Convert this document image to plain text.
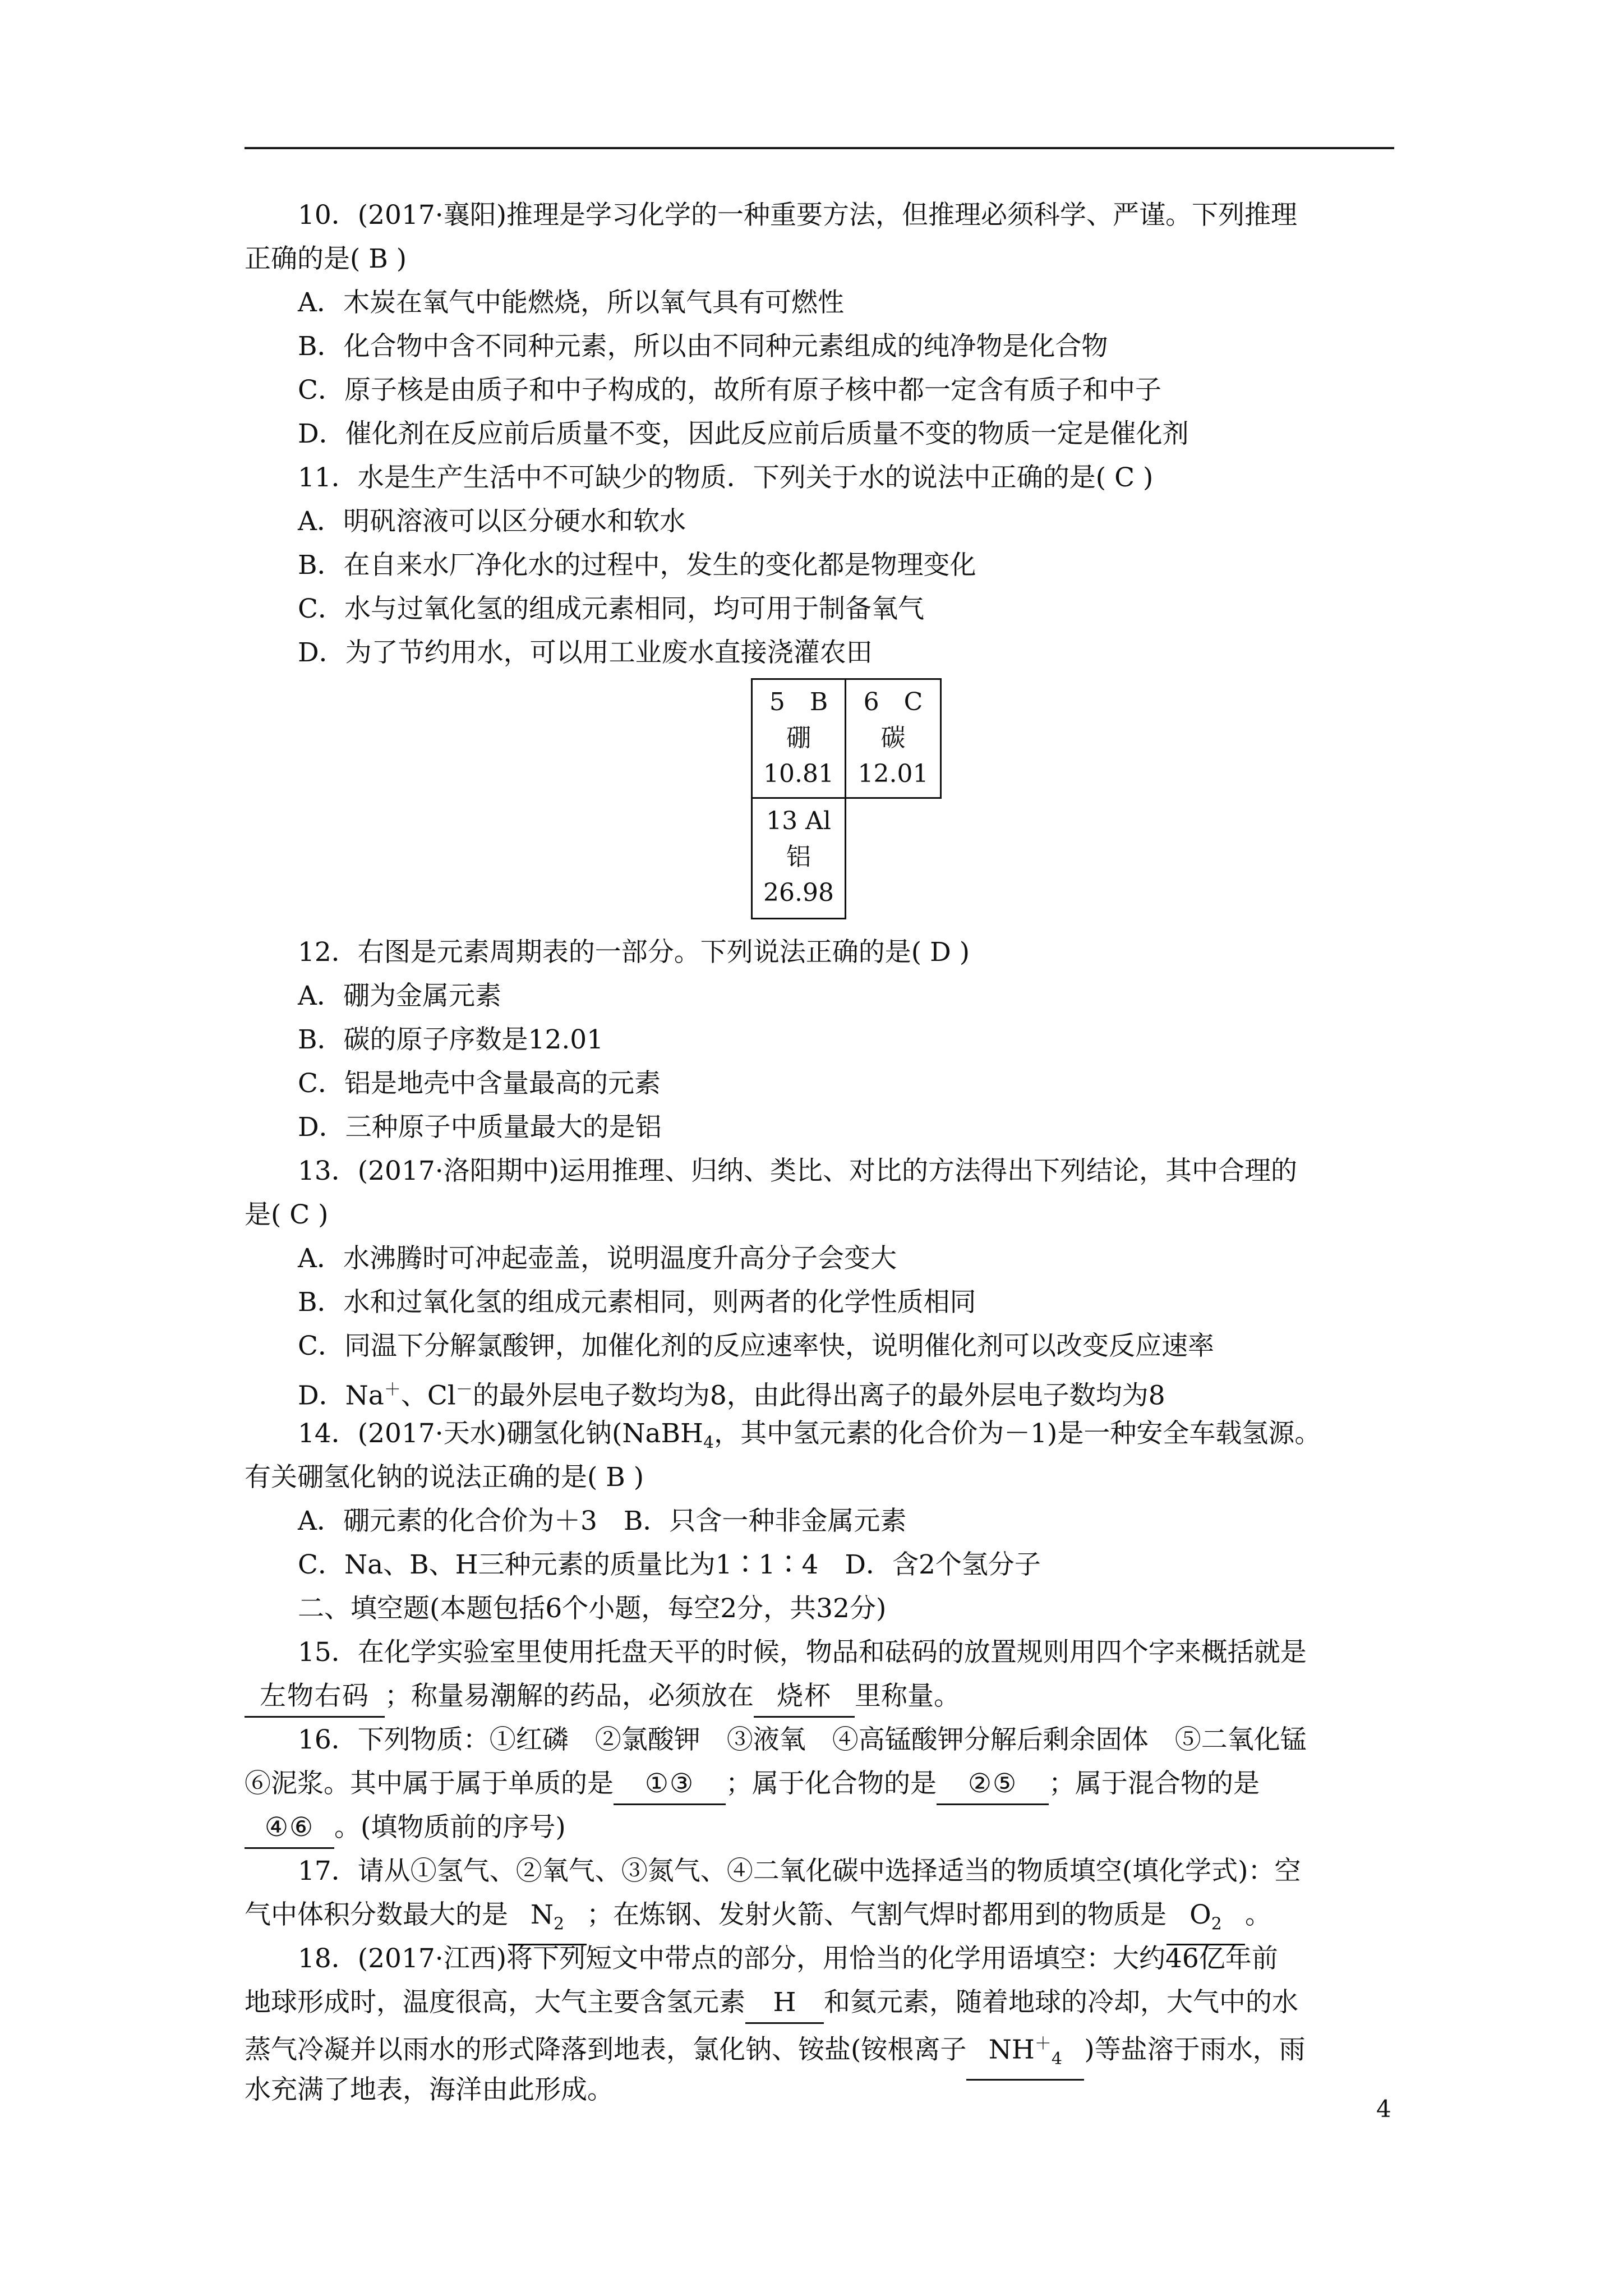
10．(2017·襄阳)推理是学习化学的一种重要方法，但推理必须科学、严谨。下列推理
正确的是( B )
A．木炭在氧气中能燃烧，所以氧气具有可燃性
B．化合物中含不同种元素，所以由不同种元素组成的纯净物是化合物
C．原子核是由质子和中子构成的，故所有原子核中都一定含有质子和中子
D．催化剂在反应前后质量不变，因此反应前后质量不变的物质一定是催化剂
11．水是生产生活中不可缺少的物质．下列关于水的说法中正确的是( C )
A．明矾溶液可以区分硬水和软水
B．在自来水厂净化水的过程中，发生的变化都是物理变化
C．水与过氧化氢的组成元素相同，均可用于制备氧气
D．为了节约用水，可以用工业废水直接浇灌农田
5　B
硼
10.81
6　C
碳
12.01
13 Al
铝
26.98
12．右图是元素周期表的一部分。下列说法正确的是( D )
A．硼为金属元素
B．碳的原子序数是12.01
C．铝是地壳中含量最高的元素
D．三种原子中质量最大的是铝
13．(2017·洛阳期中)运用推理、归纳、类比、对比的方法得出下列结论，其中合理的
是( C )
A．水沸腾时可冲起壶盖，说明温度升高分子会变大
B．水和过氧化氢的组成元素相同，则两者的化学性质相同
C．同温下分解氯酸钾，加催化剂的反应速率快，说明催化剂可以改变反应速率
D．Na＋、Cl－的最外层电子数均为8，由此得出离子的最外层电子数均为8
14．(2017·天水)硼氢化钠(NaBH$_4$，其中氢元素的化合价为－1)是一种安全车载氢源。
有关硼氢化钠的说法正确的是( B )
A．硼元素的化合价为＋3　B．只含一种非金属元素
C．Na、B、H三种元素的质量比为1∶1∶4　D．含2个氢分子
二、填空题(本题包括6个小题，每空2分，共32分)
15．在化学实验室里使用托盘天平的时候，物品和砝码的放置规则用四个字来概括就是
左物右码 ；称量易潮解的药品，必须放在 烧杯 里称量。
16．下列物质：①红磷　②氯酸钾　③液氧　④高锰酸钾分解后剩余固体　⑤二氧化锰
⑥泥浆。其中属于属于单质的是 ①③ ；属于化合物的是 ②⑤ ；属于混合物的是
④⑥ 。(填物质前的序号)
17．请从①氢气、②氧气、③氮气、④二氧化碳中选择适当的物质填空(填化学式)：空
气中体积分数最大的是 $N_2$ ；在炼钢、发射火箭、气割气焊时都用到的物质是 $O_2$ 。
18．(2017·江西)将下列短文中带点的部分，用恰当的化学用语填空：大约46亿年前
地球形成时，温度很高，大气主要含氢元素 H 和氦元素，随着地球的冷却，大气中的水
蒸气冷凝并以雨水的形式降落到地表，氯化钠、铵盐(铵根离子 $NH^+_4$ )等盐溶于雨水，雨
水充满了地表，海洋由此形成。
4
